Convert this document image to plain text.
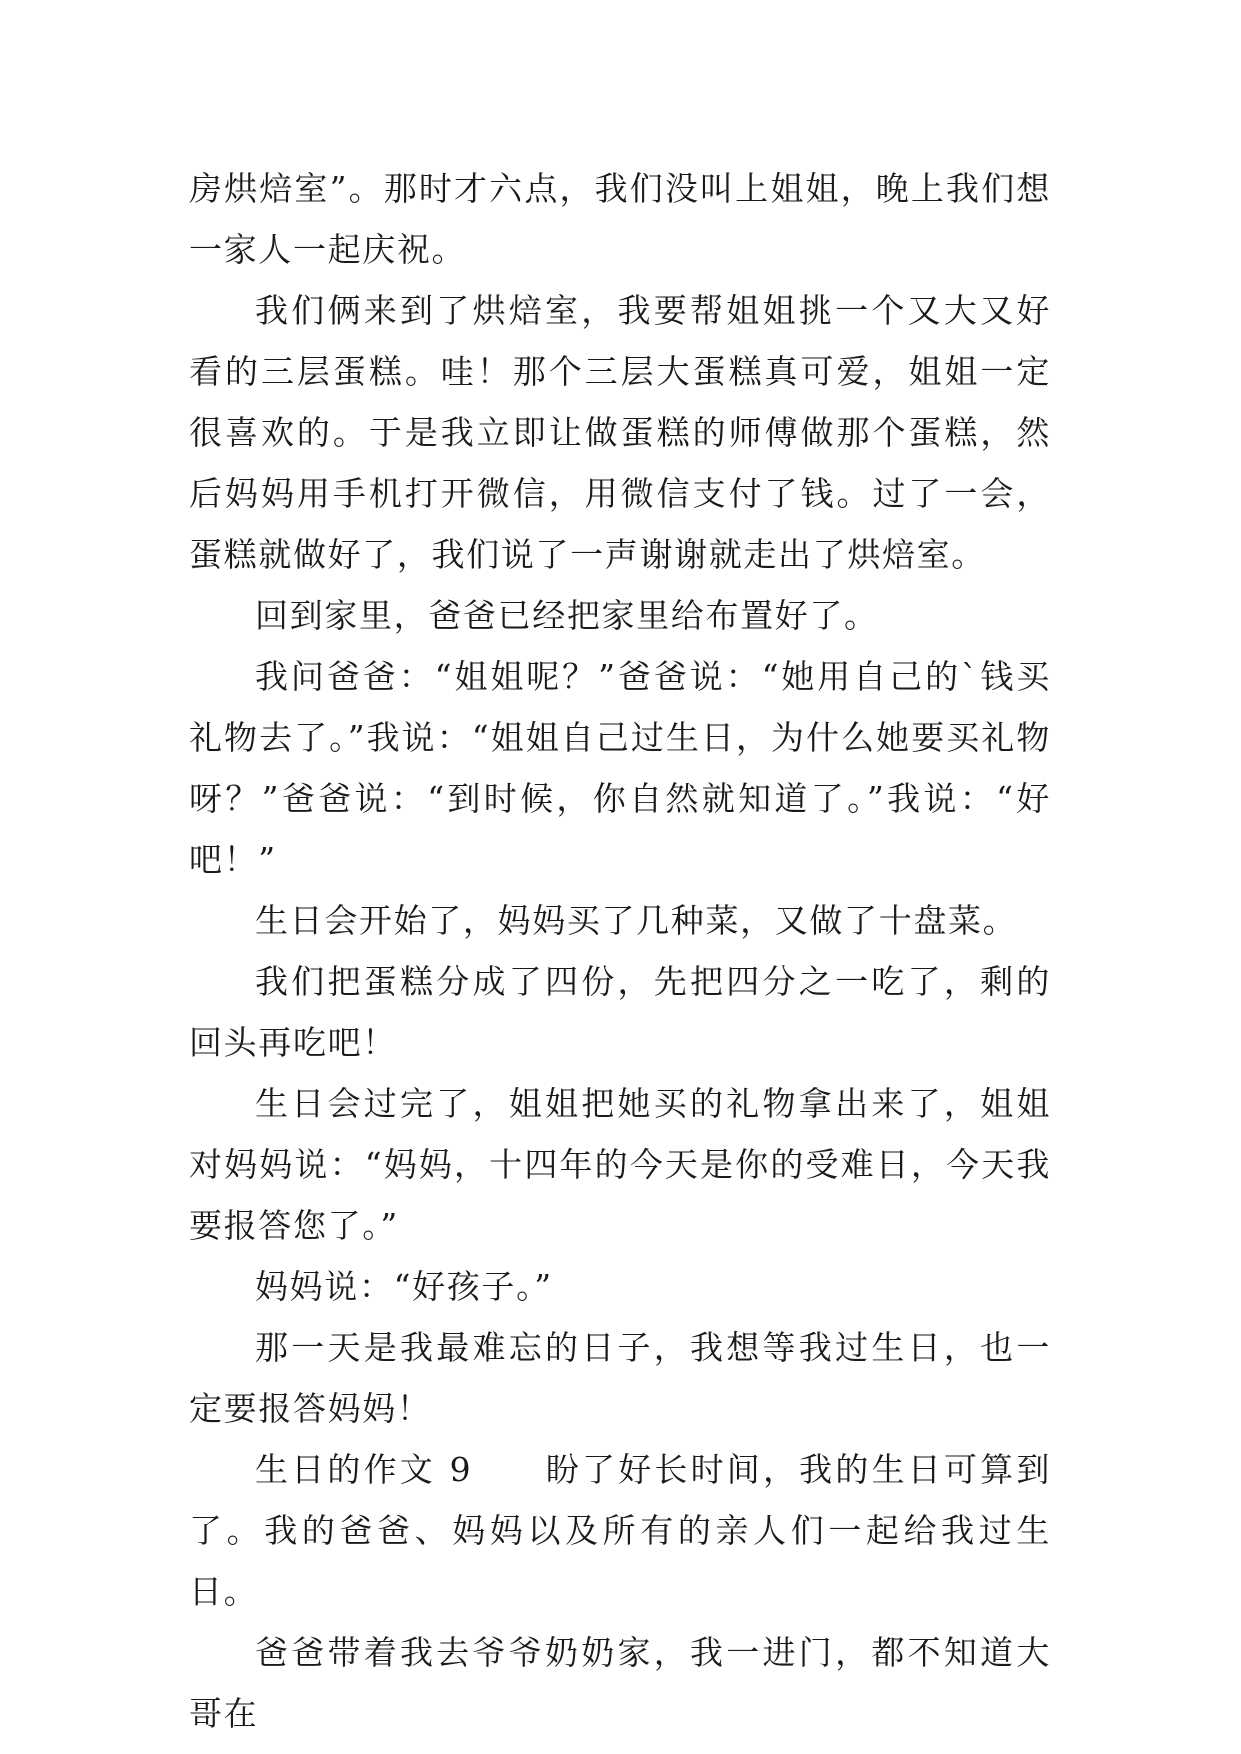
房烘焙室”。那时才六点，我们没叫上姐姐，晚上我们想一家人一起庆祝。

我们俩来到了烘焙室，我要帮姐姐挑一个又大又好看的三层蛋糕。哇！那个三层大蛋糕真可爱，姐姐一定很喜欢的。于是我立即让做蛋糕的师傅做那个蛋糕，然后妈妈用手机打开微信，用微信支付了钱。过了一会，蛋糕就做好了，我们说了一声谢谢就走出了烘焙室。

回到家里，爸爸已经把家里给布置好了。

我问爸爸：“姐姐呢？”爸爸说：“她用自己的`钱买礼物去了。”我说：“姐姐自己过生日，为什么她要买礼物呀？”爸爸说：“到时候，你自然就知道了。”我说：“好吧！”

生日会开始了，妈妈买了几种菜，又做了十盘菜。

我们把蛋糕分成了四份，先把四分之一吃了，剩的回头再吃吧！

生日会过完了，姐姐把她买的礼物拿出来了，姐姐对妈妈说：“妈妈，十四年的今天是你的受难日，今天我要报答您了。”

妈妈说：“好孩子。”

那一天是我最难忘的日子，我想等我过生日，也一定要报答妈妈！

生日的作文 9 盼了好长时间，我的生日可算到了。我的爸爸、妈妈以及所有的亲人们一起给我过生日。

爸爸带着我去爷爷奶奶家，我一进门，都不知道大哥在
